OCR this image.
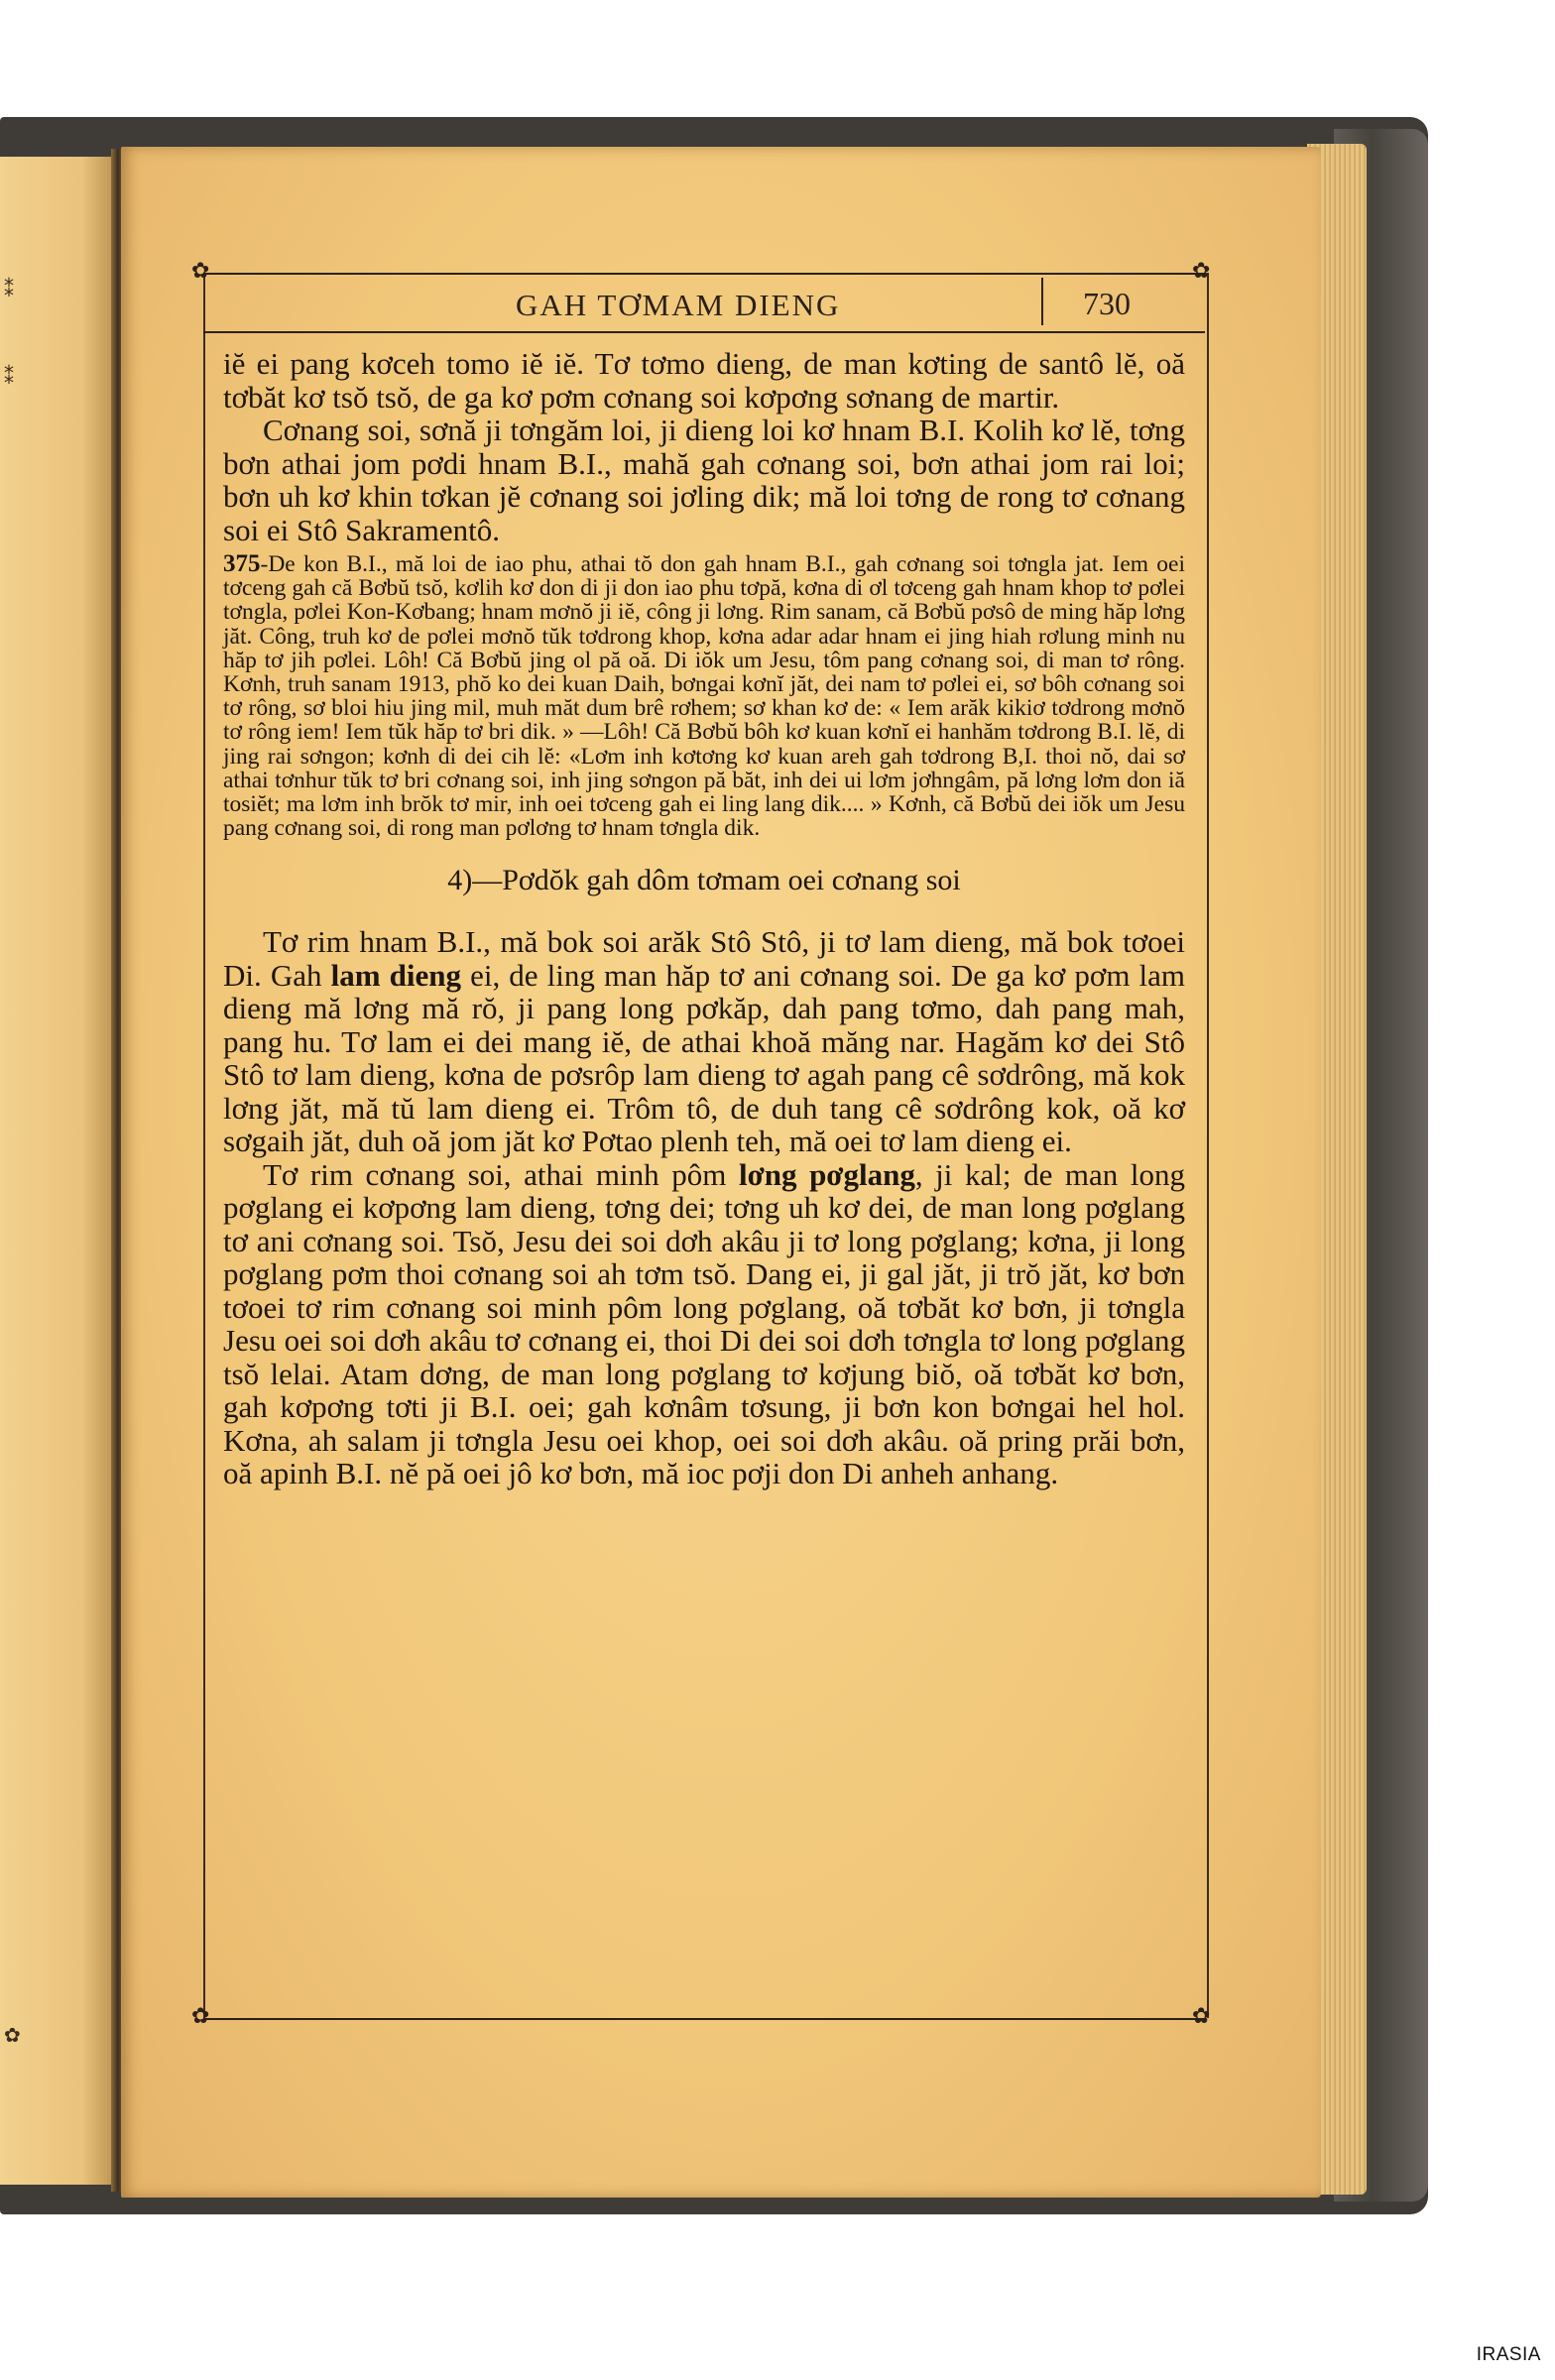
⁑
⁑
✿
✿	✿
✿	✿
GAH TƠMAM DIENG	730

iĕ ei pang kơceh tomo iĕ iĕ. Tơ tơmo dieng, de man kơting de santô lĕ, oă tơbăt kơ tsŏ tsŏ, de ga kơ pơm cơnang soi kơpơng sơnang de martir.

Cơnang soi, sơnă ji tơngăm loi, ji dieng loi kơ hnam B.I. Kolih kơ lĕ, tơng bơn athai jom pơdi hnam B.I., mahă gah cơnang soi, bơn athai jom rai loi; bơn uh kơ khin tơkan jĕ cơnang soi jơling dik; mă loi tơng de rong tơ cơnang soi ei Stô Sakramentô.

375-De kon B.I., mă loi de iao phu, athai tŏ don gah hnam B.I., gah cơnang soi tơngla jat. Iem oei tơceng gah că Bơbŭ tsŏ, kơlih kơ don di ji don iao phu tơpă, kơna di ơl tơceng gah hnam khop tơ pơlei tơngla, pơlei Kon-Kơbang; hnam mơnŏ ji iĕ, công ji lơng. Rim sanam, că Bơbŭ pơsô de ming hăp lơng jăt. Công, truh kơ de pơlei mơnŏ tŭk tơdrong khop, kơna adar adar hnam ei jing hiah rơlung minh nu hăp tơ jih pơlei. Lôh! Că Bơbŭ jing ol pă oă. Di iŏk um Jesu, tôm pang cơnang soi, di man tơ rông. Kơnh, truh sanam 1913, phŏ ko dei kuan Daih, bơngai kơnĭ jăt, dei nam tơ pơlei ei, sơ bôh cơnang soi tơ rông, sơ bloi hiu jing mil, muh măt dum brê rơhem; sơ khan kơ de: « Iem arăk kikiơ tơdrong mơnŏ tơ rông iem! Iem tŭk hăp tơ bri dik. » —Lôh! Că Bơbŭ bôh kơ kuan kơnĭ ei hanhăm tơdrong B.I. lĕ, di jing rai sơngon; kơnh di dei cih lĕ: «Lơm inh kơtơng kơ kuan areh gah tơdrong B,I. thoi nŏ, dai sơ athai tơnhur tŭk tơ bri cơnang soi, inh jing sơngon pă băt, inh dei ui lơm jơhngâm, pă lơng lơm don iă tosiĕt; ma lơm inh brŏk tơ mir, inh oei tơceng gah ei ling lang dik.... » Kơnh, că Bơbŭ dei iŏk um Jesu pang cơnang soi, di rong man pơlơng tơ hnam tơngla dik.

4)—Pơdŏk gah dôm tơmam oei cơnang soi

Tơ rim hnam B.I., mă bok soi arăk Stô Stô, ji tơ lam dieng, mă bok tơoei Di. Gah lam dieng ei, de ling man hăp tơ ani cơnang soi. De ga kơ pơm lam dieng mă lơng mă rŏ, ji pang long pơkăp, dah pang tơmo, dah pang mah, pang hu. Tơ lam ei dei mang iĕ, de athai khoă măng nar. Hagăm kơ dei Stô Stô tơ lam dieng, kơna de pơsrôp lam dieng tơ agah pang cê sơdrông, mă kok lơng jăt, mă tŭ lam dieng ei. Trôm tô, de duh tang cê sơdrông kok, oă kơ sơgaih jăt, duh oă jom jăt kơ Pơtao plenh teh, mă oei tơ lam dieng ei.

Tơ rim cơnang soi, athai minh pôm lơng pơglang, ji kal; de man long pơglang ei kơpơng lam dieng, tơng dei; tơng uh kơ dei, de man long pơglang tơ ani cơnang soi. Tsŏ, Jesu dei soi dơh akâu ji tơ long pơglang; kơna, ji long pơglang pơm thoi cơnang soi ah tơm tsŏ. Dang ei, ji gal jăt, ji trŏ jăt, kơ bơn tơoei tơ rim cơnang soi minh pôm long pơglang, oă tơbăt kơ bơn, ji tơngla Jesu oei soi dơh akâu tơ cơnang ei, thoi Di dei soi dơh tơngla tơ long pơglang tsŏ lelai. Atam dơng, de man long pơglang tơ kơjung biŏ, oă tơbăt kơ bơn, gah kơpơng tơti ji B.I. oei; gah kơnâm tơsung, ji bơn kon bơngai hel hol. Kơna, ah salam ji tơngla Jesu oei khop, oei soi dơh akâu. oă pring prăi bơn, oă apinh B.I. nĕ pă oei jô kơ bơn, mă ioc pơji don Di anheh anhang.

IRASIA
